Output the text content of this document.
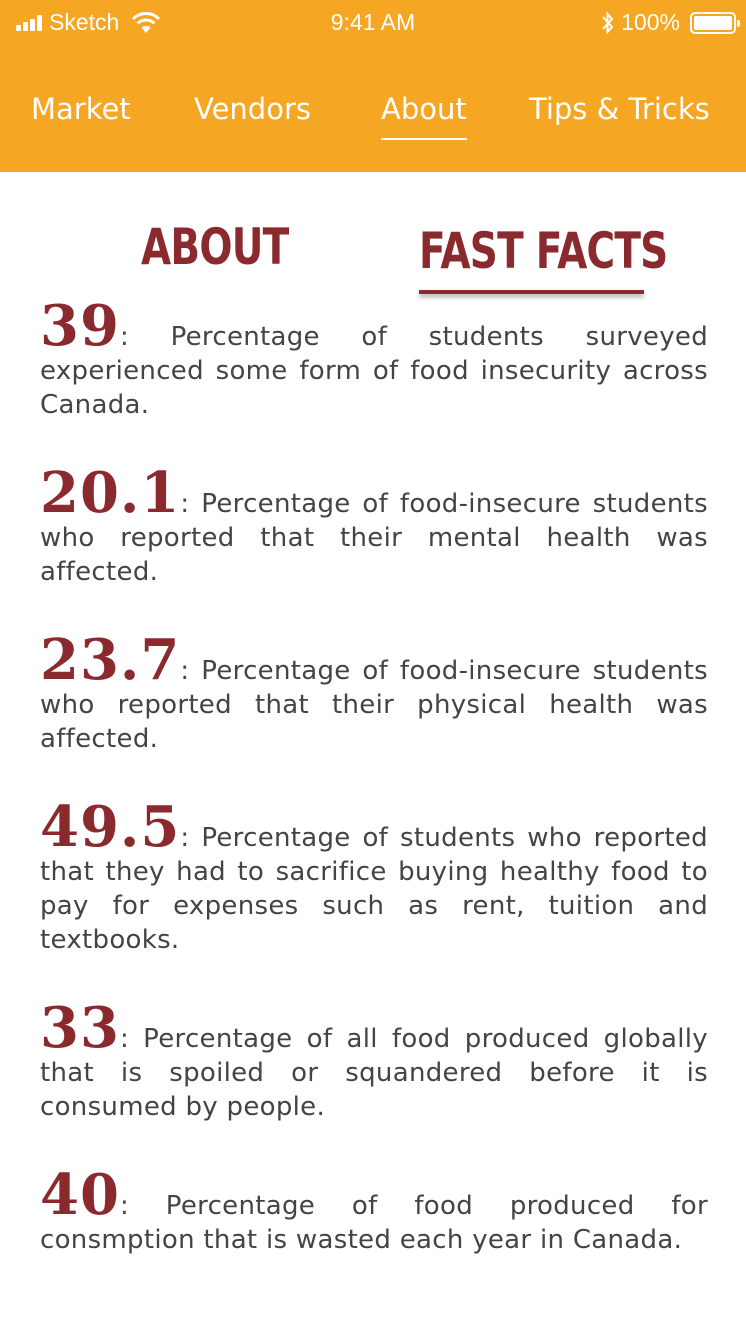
Sketch	9:41 AM	100%
Market Vendors About Tips & Tricks
ABOUT	FAST FACTS

39: Percentage of students surveyed experienced some form of food insecurity across Canada.

20.1: Percentage of food-insecure students who reported that their mental health was affected.

23.7: Percentage of food-insecure students who reported that their physical health was affected.

49.5: Percentage of students who reported that they had to sacrifice buying healthy food to pay for expenses such as rent, tuition and textbooks.

33: Percentage of all food produced globally that is spoiled or squandered before it is consumed by people.

40: Percentage of food produced for consmption that is wasted each year in Canada.
